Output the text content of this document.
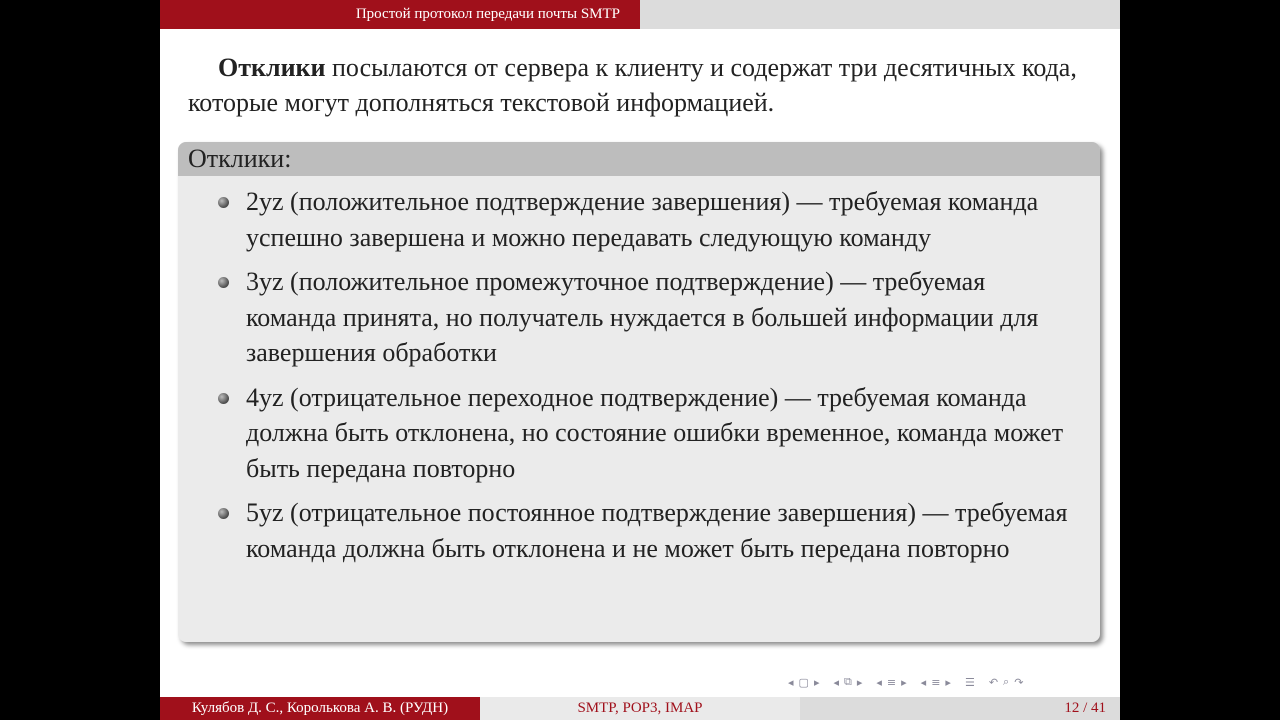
Простой протокол передачи почты SMTP
Отклики посылаются от сервера к клиенту и содержат три десятичных кода, которые могут дополняться текстовой информацией.
Отклики:
2yz (положительное подтверждение завершения) — требуемая команда успешно завершена и можно передавать следующую команду
3yz (положительное промежуточное подтверждение) — требуемая команда принята, но получатель нуждается в большей информации для завершения обработки
4yz (отрицательное переходное подтверждение) — требуемая команда должна быть отклонена, но состояние ошибки временное, команда может быть передана повторно
5yz (отрицательное постоянное подтверждение завершения) — требуемая команда должна быть отклонена и не может быть передана повторно
◂ ▢ ▸ ◂ ⧉ ▸ ◂ ≡ ▸ ◂ ≡ ▸ ☰ ↶ ⌕ ↷
Кулябов Д. С., Королькова А. В. (РУДН)	SMTP, POP3, IMAP	12 / 41
